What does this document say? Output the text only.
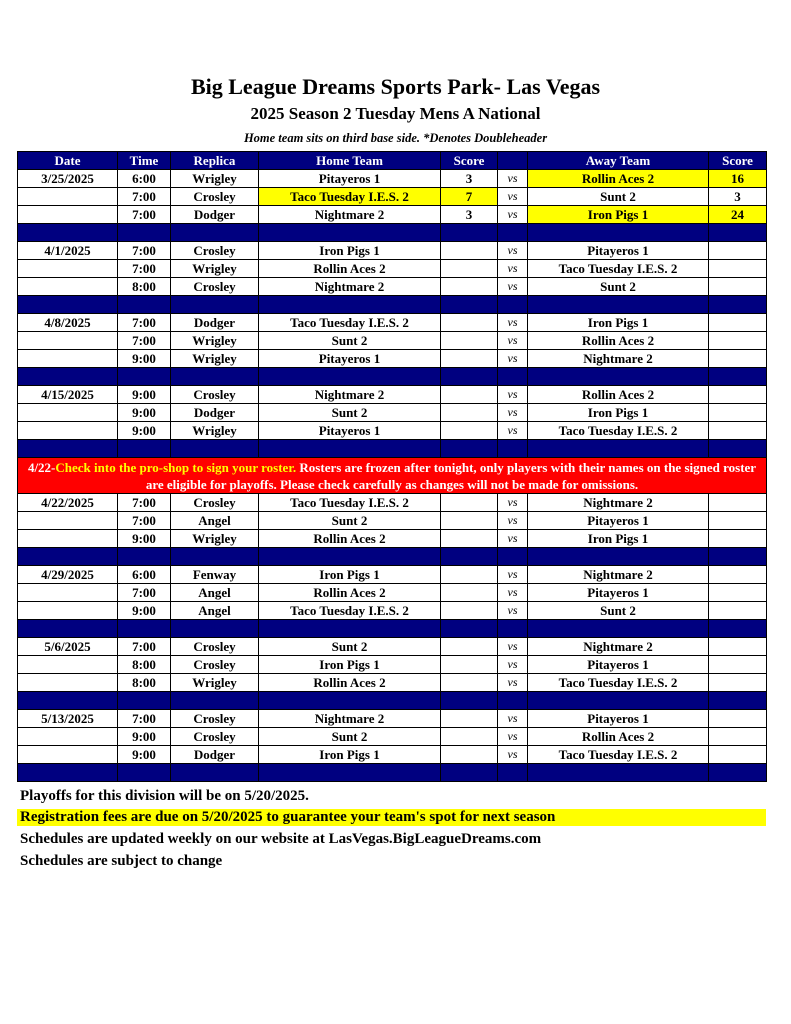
Big League Dreams Sports Park- Las Vegas
2025 Season 2 Tuesday Mens A National
Home team sits on third base side. *Denotes Doubleheader
Date	Time	Replica	Home Team	Score		Away Team	Score
3/25/2025	6:00	Wrigley	Pitayeros 1	3	vs	Rollin Aces 2	16
	7:00	Crosley	Taco Tuesday I.E.S. 2	7	vs	Sunt 2	3
	7:00	Dodger	Nightmare 2	3	vs	Iron Pigs 1	24

4/1/2025	7:00	Crosley	Iron Pigs 1		vs	Pitayeros 1	
	7:00	Wrigley	Rollin Aces 2		vs	Taco Tuesday I.E.S. 2	
	8:00	Crosley	Nightmare 2		vs	Sunt 2	

4/8/2025	7:00	Dodger	Taco Tuesday I.E.S. 2		vs	Iron Pigs 1	
	7:00	Wrigley	Sunt 2		vs	Rollin Aces 2	
	9:00	Wrigley	Pitayeros 1		vs	Nightmare 2	

4/15/2025	9:00	Crosley	Nightmare 2		vs	Rollin Aces 2	
	9:00	Dodger	Sunt 2		vs	Iron Pigs 1	
	9:00	Wrigley	Pitayeros 1		vs	Taco Tuesday I.E.S. 2	

4/22-Check into the pro-shop to sign your roster. Rosters are frozen after tonight, only players with their names on the signed roster are eligible for playoffs. Please check carefully as changes will not be made for omissions.							
4/22/2025	7:00	Crosley	Taco Tuesday I.E.S. 2		vs	Nightmare 2	
	7:00	Angel	Sunt 2		vs	Pitayeros 1	
	9:00	Wrigley	Rollin Aces 2		vs	Iron Pigs 1	

4/29/2025	6:00	Fenway	Iron Pigs 1		vs	Nightmare 2	
	7:00	Angel	Rollin Aces 2		vs	Pitayeros 1	
	9:00	Angel	Taco Tuesday I.E.S. 2		vs	Sunt 2	

5/6/2025	7:00	Crosley	Sunt 2		vs	Nightmare 2	
	8:00	Crosley	Iron Pigs 1		vs	Pitayeros 1	
	8:00	Wrigley	Rollin Aces 2		vs	Taco Tuesday I.E.S. 2	

5/13/2025	7:00	Crosley	Nightmare 2		vs	Pitayeros 1	
	9:00	Crosley	Sunt 2		vs	Rollin Aces 2	
	9:00	Dodger	Iron Pigs 1		vs	Taco Tuesday I.E.S. 2	

Playoffs for this division will be on 5/20/2025.
Registration fees are due on 5/20/2025 to guarantee your team's spot for next season
Schedules are updated weekly on our website at LasVegas.BigLeagueDreams.com
Schedules are subject to change
